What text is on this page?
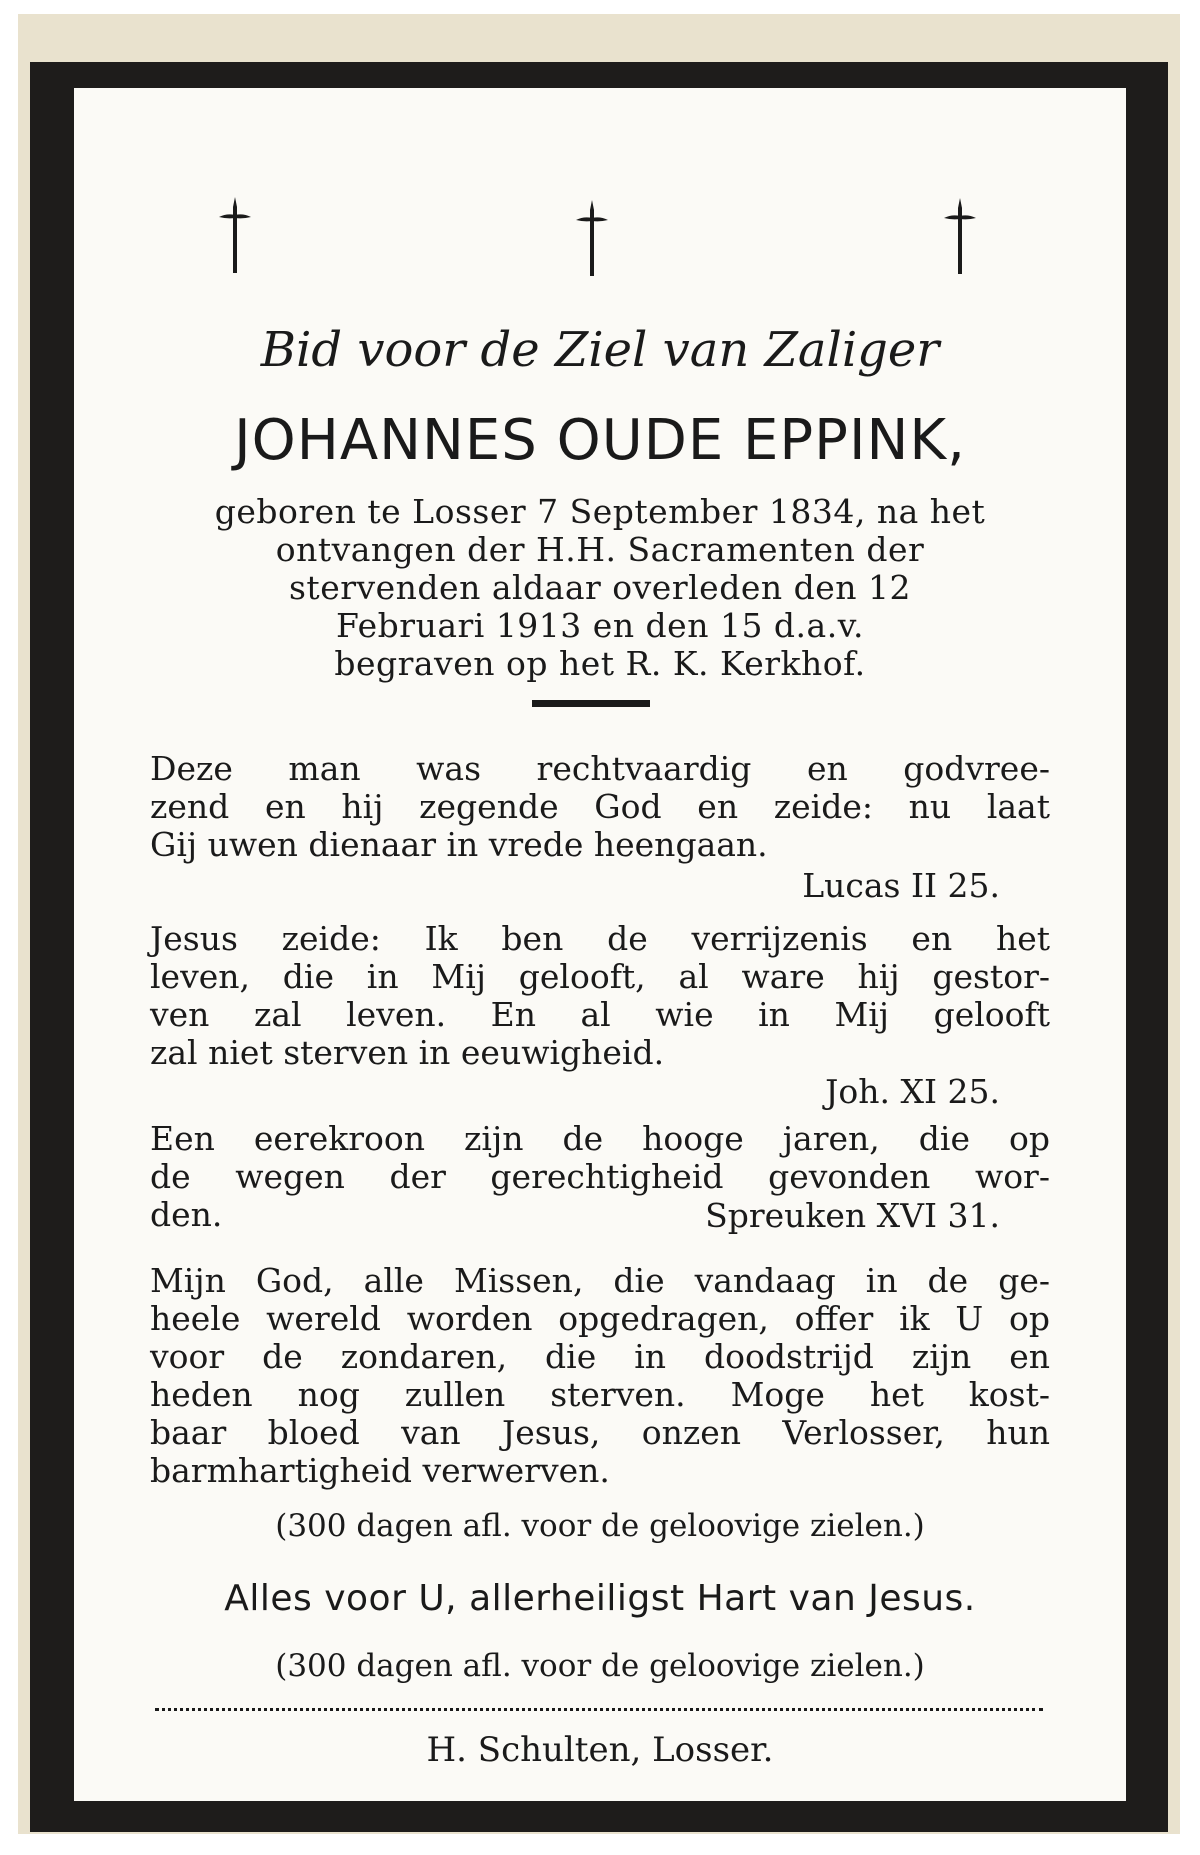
Bid voor de Ziel van Zaliger
JOHANNES OUDE EPPINK,
geboren te Losser 7 September 1834, na het
ontvangen der H.H. Sacramenten der
stervenden aldaar overleden den 12
Februari 1913 en den 15 d.a.v.
begraven op het R. K. Kerkhof.
Deze man was rechtvaardig en godvree-
zend en hij zegende God en zeide: nu laat
Gij uwen dienaar in vrede heengaan.
Lucas II 25.
Jesus zeide: Ik ben de verrijzenis en het
leven, die in Mij gelooft, al ware hij gestor-
ven zal leven. En al wie in Mij gelooft
zal niet sterven in eeuwigheid.
Joh. XI 25.
Een eerekroon zijn de hooge jaren, die op
de wegen der gerechtigheid gevonden wor-
den.	Spreuken XVI 31.
Mijn God, alle Missen, die vandaag in de ge-
heele wereld worden opgedragen, offer ik U op
voor de zondaren, die in doodstrijd zijn en
heden nog zullen sterven. Moge het kost-
baar bloed van Jesus, onzen Verlosser, hun
barmhartigheid verwerven.
(300 dagen afl. voor de geloovige zielen.)
Alles voor U, allerheiligst Hart van Jesus.
(300 dagen afl. voor de geloovige zielen.)
H. Schulten, Losser.
